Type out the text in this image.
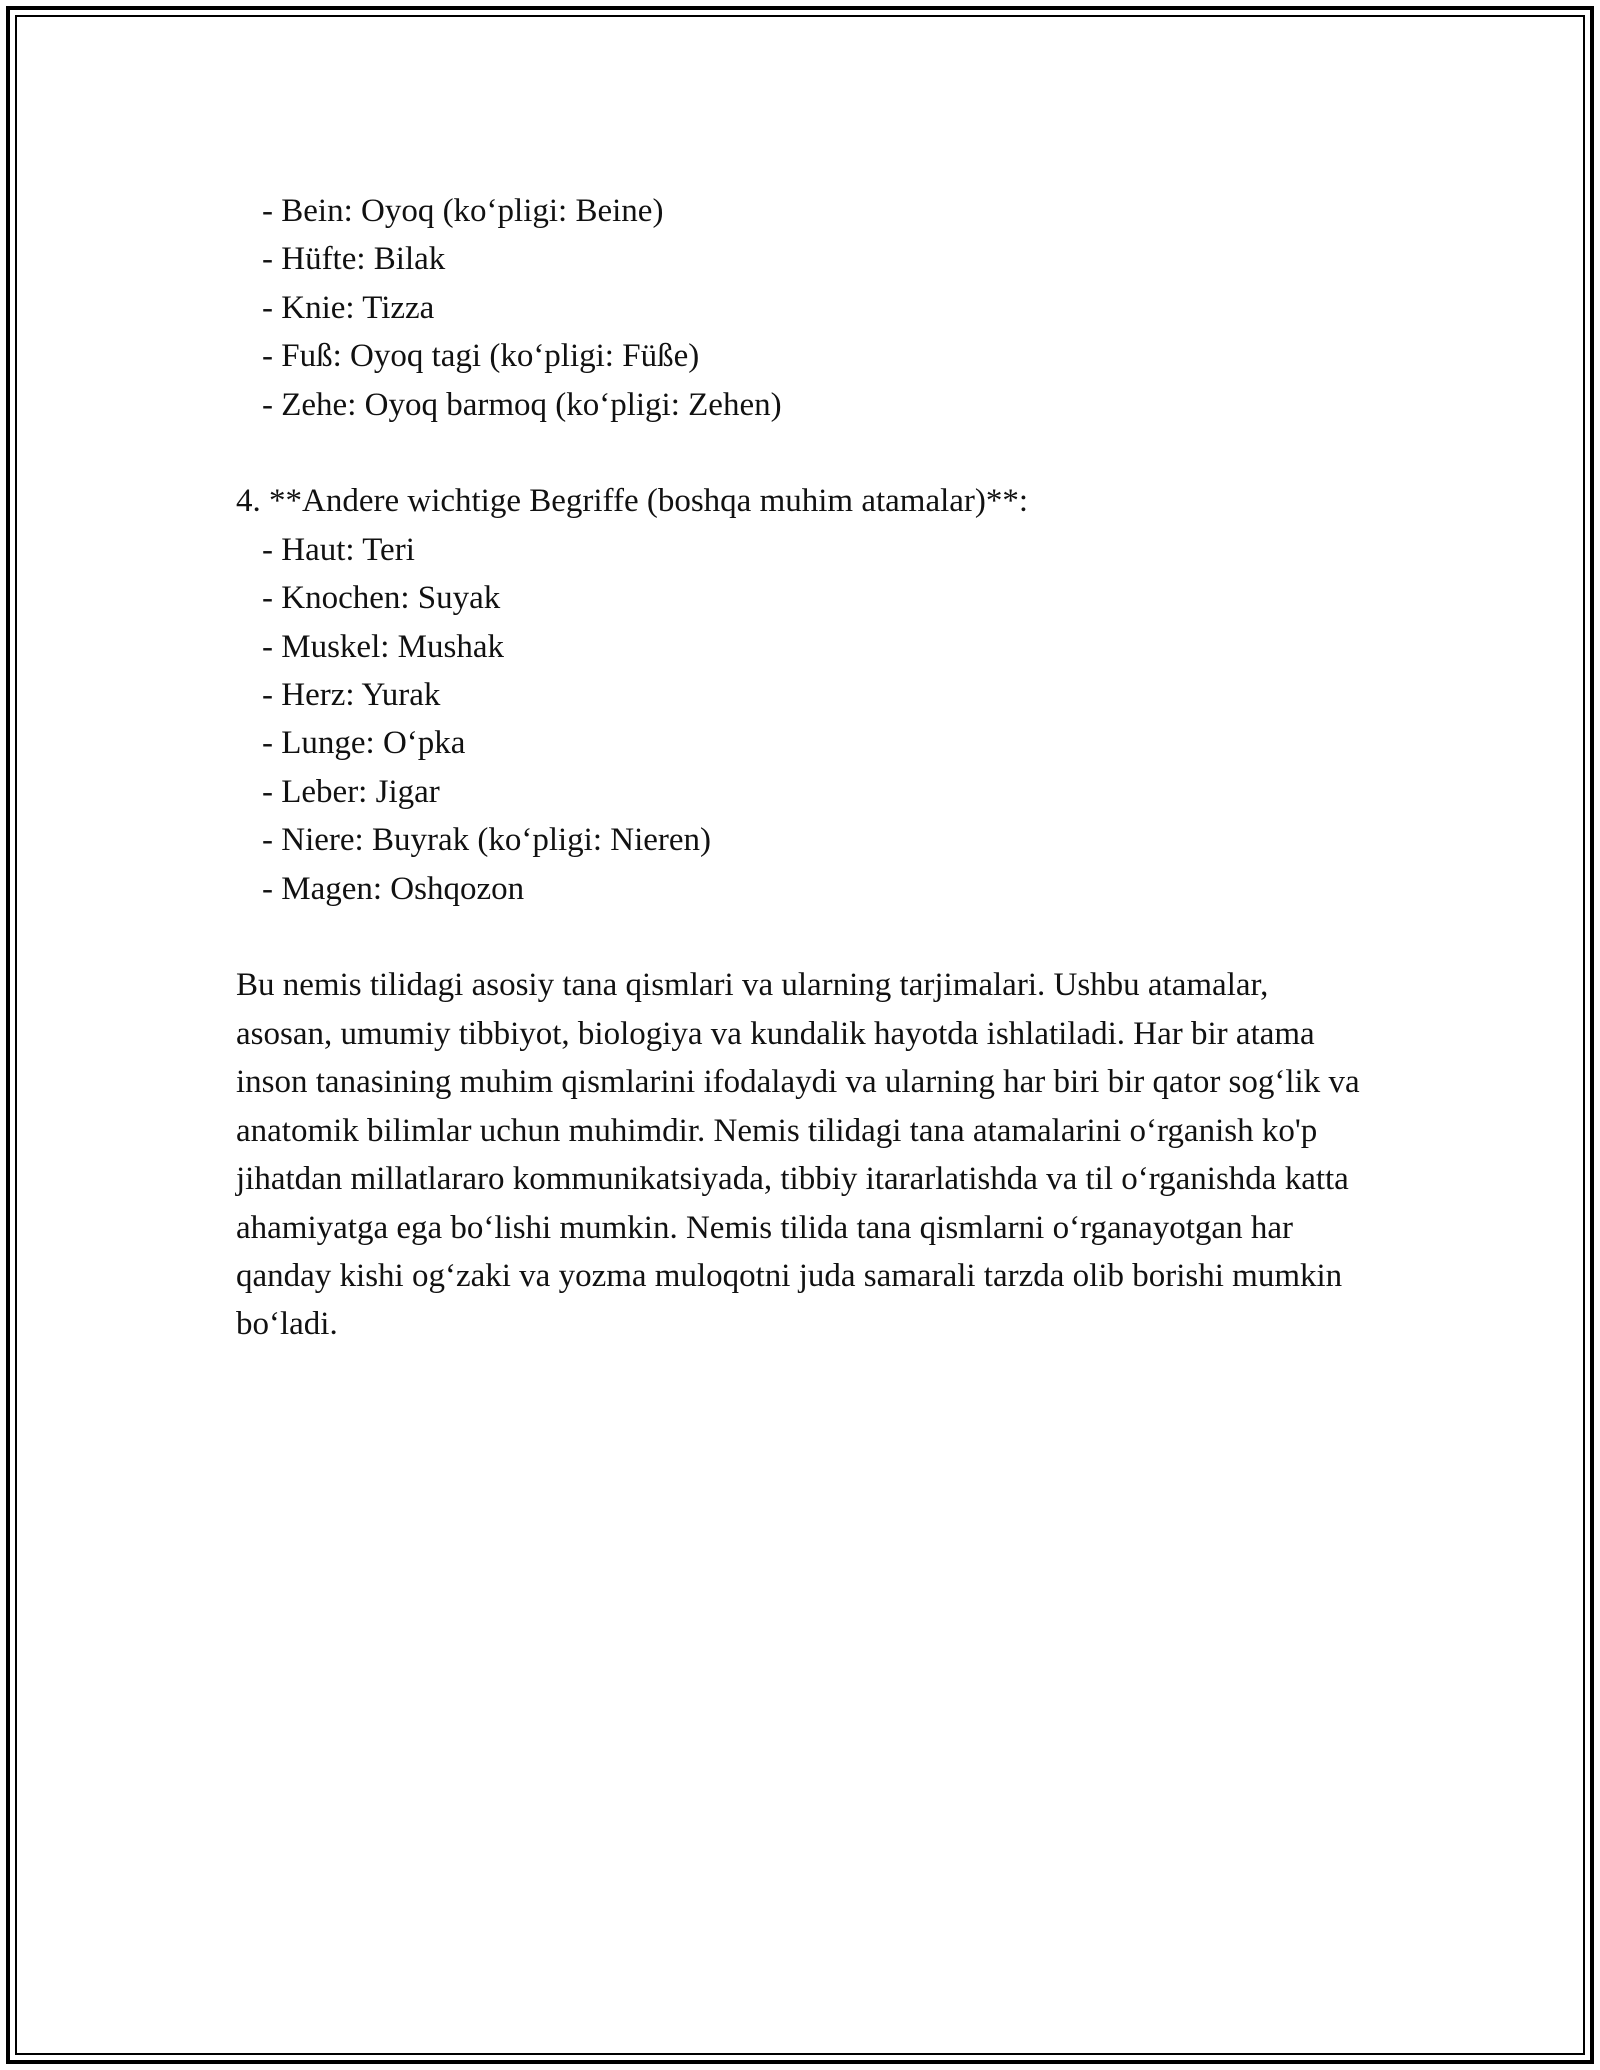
- Bein: Oyoq (ko‘pligi: Beine)
- Hüfte: Bilak
- Knie: Tizza
- Fuß: Oyoq tagi (ko‘pligi: Füße)
- Zehe: Oyoq barmoq (ko‘pligi: Zehen)
4. **Andere wichtige Begriffe (boshqa muhim atamalar)**:
- Haut: Teri
- Knochen: Suyak
- Muskel: Mushak
- Herz: Yurak
- Lunge: O‘pka
- Leber: Jigar
- Niere: Buyrak (ko‘pligi: Nieren)
- Magen: Oshqozon

Bu nemis tilidagi asosiy tana qismlari va ularning tarjimalari. Ushbu atamalar, asosan, umumiy tibbiyot, biologiya va kundalik hayotda ishlatiladi. Har bir atama inson tanasining muhim qismlarini ifodalaydi va ularning har biri bir qator sog‘lik va anatomik bilimlar uchun muhimdir. Nemis tilidagi tana atamalarini o‘rganish ko'p jihatdan millatlararo kommunikatsiyada, tibbiy itararlatishda va til o‘rganishda katta ahamiyatga ega bo‘lishi mumkin. Nemis tilida tana qismlarni o‘rganayotgan har qanday kishi og‘zaki va yozma muloqotni juda samarali tarzda olib borishi mumkin bo‘ladi.
